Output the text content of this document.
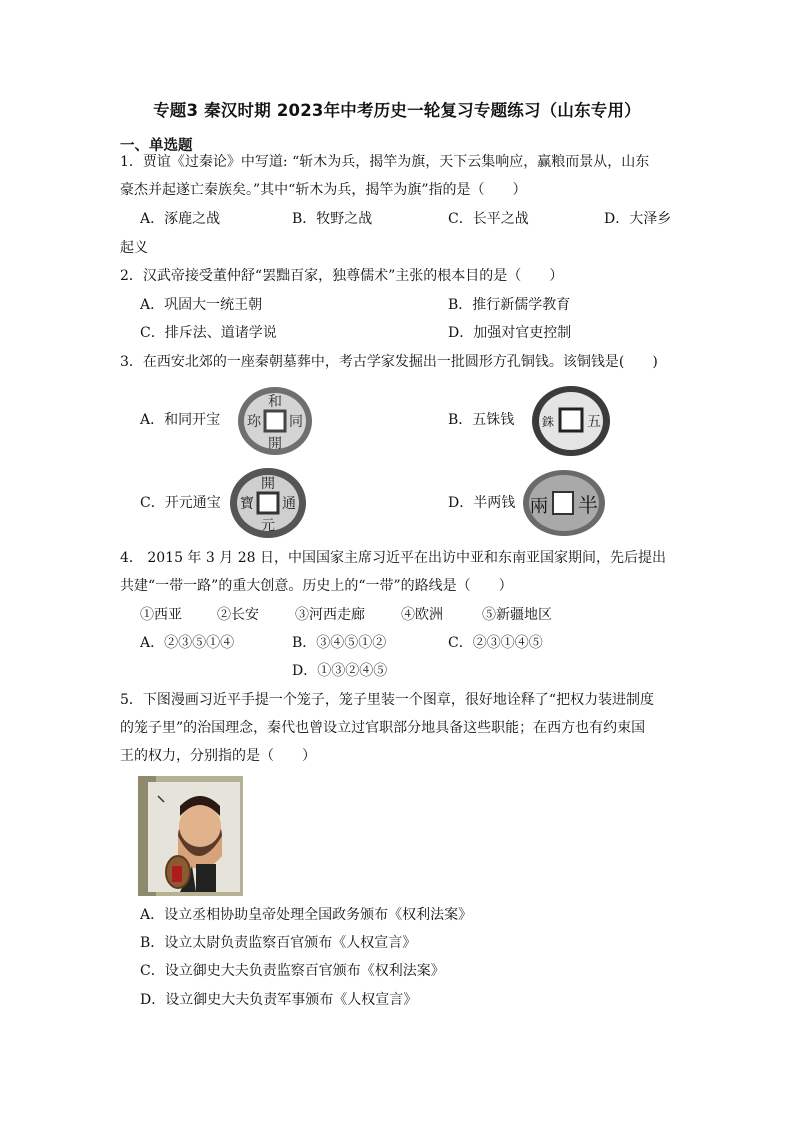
专题3 秦汉时期 2023年中考历史一轮复习专题练习（山东专用）
一、单选题
1．贾谊《过秦论》中写道: “斩木为兵，揭竿为旗，天下云集响应，赢粮而景从，山东
豪杰并起遂亡秦族矣。”其中“斩木为兵，揭竿为旗”指的是（　　）
A．涿鹿之战	B．牧野之战	C．长平之战	D．大泽乡
起义
2．汉武帝接受董仲舒“罢黜百家，独尊儒术”主张的根本目的是（　　）
A．巩固大一统王朝	B．推行新儒学教育
C．排斥法、道诸学说	D．加强对官吏控制
3．在西安北郊的一座秦朝墓葬中，考古学家发掘出一批圆形方孔铜钱。该铜钱是(　　)
A．和同开宝
和
同
開
珎	B．五铢钱	五
銖
C．开元通宝
開
通
元
寶	D．半两钱	半
兩
4． 2015 年 3 月 28 日，中国国家主席习近平在出访中亚和东南亚国家期间，先后提出
共建“一带一路”的重大创意。历史上的“一带”的路线是（　　）
①西亚	②长安	③河西走廊	④欧洲	⑤新疆地区
A．②③⑤①④	B．③④⑤①②	C．②③①④⑤
D．①③②④⑤
5．下图漫画习近平手提一个笼子，笼子里装一个图章，很好地诠释了“把权力装进制度
的笼子里”的治国理念，秦代也曾设立过官职部分地具备这些职能；在西方也有约束国
王的权力，分别指的是（　　）
A．设立丞相协助皇帝处理全国政务颁布《权利法案》
B．设立太尉负责监察百官颁布《人权宣言》
C．设立御史大夫负责监察百官颁布《权利法案》
D．设立御史大夫负责军事颁布《人权宣言》
